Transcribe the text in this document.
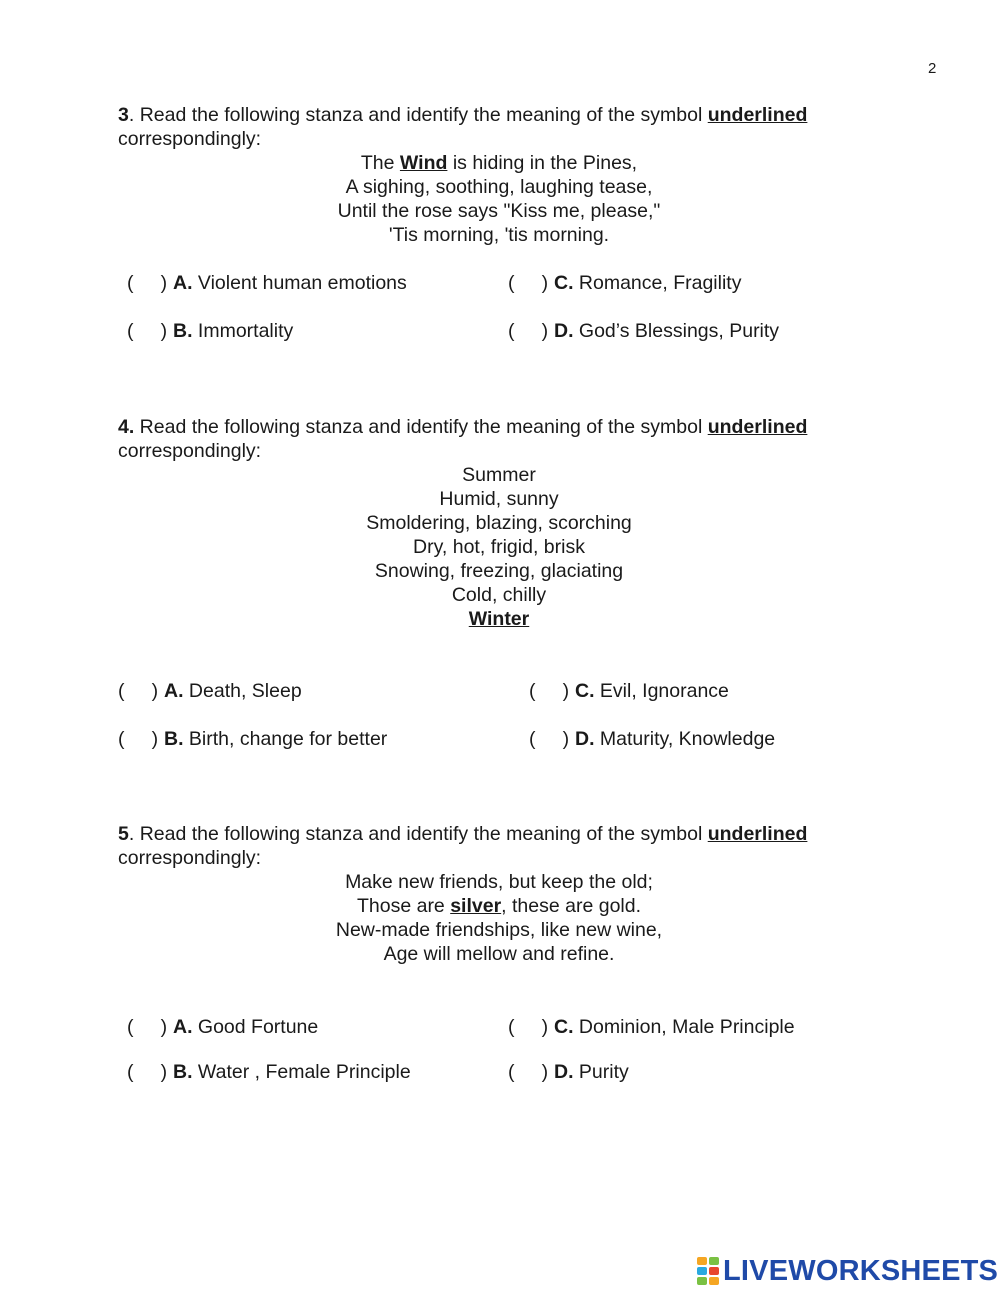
2
3. Read the following stanza and identify the meaning of the symbol underlined
correspondingly:
The Wind is hiding in the Pines,
A sighing, soothing, laughing tease,
Until the rose says "Kiss me, please,"
'Tis morning, 'tis morning.
(     ) A. Violent human emotions
(     ) B. Immortality
(     ) C. Romance, Fragility
(     ) D. God’s Blessings, Purity
4. Read the following stanza and identify the meaning of the symbol underlined
correspondingly:
Summer
Humid, sunny
Smoldering, blazing, scorching
Dry, hot, frigid, brisk
Snowing, freezing, glaciating
Cold, chilly
Winter
(     ) A. Death, Sleep
(     ) B. Birth, change for better
(     ) C. Evil, Ignorance
(     ) D. Maturity, Knowledge
5. Read the following stanza and identify the meaning of the symbol underlined
correspondingly:
Make new friends, but keep the old;
Those are silver, these are gold.
New-made friendships, like new wine,
Age will mellow and refine.
(     ) A. Good Fortune
(     ) B. Water , Female Principle
(     ) C. Dominion, Male Principle
(     ) D. Purity
LIVEWORKSHEETS
